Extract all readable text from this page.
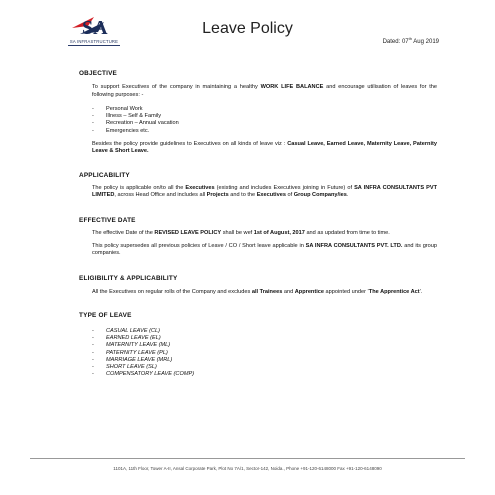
SA
SA INFRASTRUCTURE
Leave Policy
Dated: 07th Aug 2019

OBJECTIVE

To support Executives of the company in maintaining a healthy WORK LIFE BALANCE and encourage utilisation of leaves for the following purposes: -

- Personal Work
- Illness – Self & Family
- Recreation – Annual vacation
- Emergencies etc.

Besides the policy provide guidelines to Executives on all kinds of leave viz : Casual Leave, Earned Leave, Maternity Leave, Paternity Leave & Short Leave.

APPLICABILITY

The policy is applicable on/to all the Executives (existing and includes Executives joining in Future) of SA INFRA CONSULTANTS PVT LIMITED, across Head Office and includes all Projects and to the Executives of Group Company/ies.

EFFECTIVE DATE

The effective Date of the REVISED LEAVE POLICY shall be wef 1st of August, 2017 and as updated from time to time.

This policy supersedes all previous policies of Leave / CO / Short leave applicable in SA INFRA CONSULTANTS PVT. LTD. and its group companies.

ELIGIBILITY & APPLICABILITY

All the Executives on regular rolls of the Company and excludes all Trainees and Apprentice appointed under ‘The Apprentice Act’.

TYPE OF LEAVE

- CASUAL LEAVE (CL)
- EARNED LEAVE (EL)
- MATERNITY LEAVE (ML)
- PATERNITY LEAVE (PL)
- MARRIAGE LEAVE (MRL)
- SHORT LEAVE (SL)
- COMPENSATORY LEAVE (COMP)
1101A, 11th Floor, Tower A-II, Ansal Corporate Park, Plot No 7A/1, Sector-142, Noida., Phone +91-120-6148000 Fax +91-120-6148090
